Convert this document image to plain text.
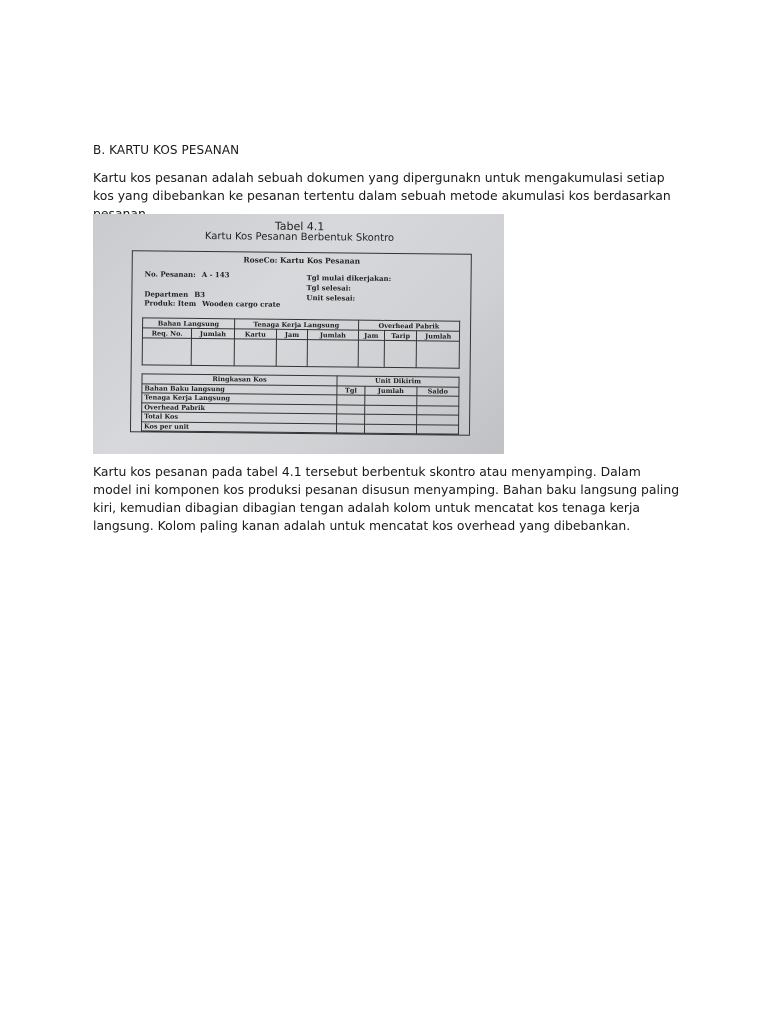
B. KARTU KOS PESANAN
Kartu kos pesanan adalah sebuah dokumen yang dipergunakn untuk mengakumulasi setiap kos yang dibebankan ke pesanan tertentu dalam sebuah metode akumulasi kos berdasarkan
Tabel 4.1
Kartu Kos Pesanan Berbentuk Skontro
RoseCo: Kartu Kos Pesanan
No. Pesanan: A - 143
Departmen B3
Produk: Item Wooden cargo crate
Tgl mulai dikerjakan:
Tgl selesai:
Unit selesai:
Bahan Langsung		Tenaga Kerja Langsung			Overhead Pabrik		
Req. No.	Jumlah	Kartu	Jam	Jumlah	Jam	Tarip	Jumlah

Ringkasan Kos	Unit Dikirim		
Bahan Baku langsung	Tgl	Jumlah	Saldo
Tenaga Kerja Langsung			
Overhead Pabrik			
Total Kos			
Kos per unit			
Kartu kos pesanan pada tabel 4.1 tersebut berbentuk skontro atau menyamping. Dalam model ini komponen kos produksi pesanan disusun menyamping. Bahan baku langsung paling kiri, kemudian dibagian dibagian tengan adalah kolom untuk mencatat kos tenaga kerja langsung. Kolom paling kanan adalah untuk mencatat kos overhead yang dibebankan.
